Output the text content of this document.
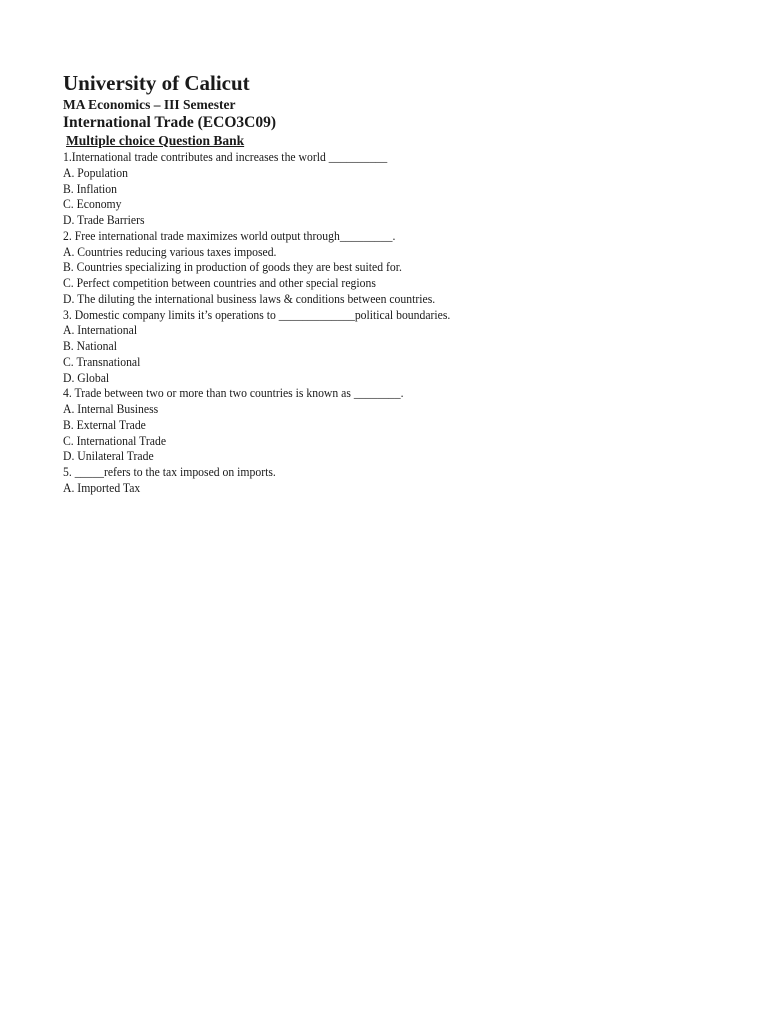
University of Calicut
MA Economics – III Semester
International Trade (ECO3C09)
Multiple choice Question Bank
1.International trade contributes and increases the world __________
A. Population
B. Inflation
C. Economy
D. Trade Barriers
2. Free international trade maximizes world output through_________.
A. Countries reducing various taxes imposed.
B. Countries specializing in production of goods they are best suited for.
C. Perfect competition between countries and other special regions
D. The diluting the international business laws & conditions between countries.
3. Domestic company limits it’s operations to _____________political boundaries.
A. International
B. National
C. Transnational
D. Global
4. Trade between two or more than two countries is known as ________.
A. Internal Business
B. External Trade
C. International Trade
D. Unilateral Trade
5. _____refers to the tax imposed on imports.
A. Imported Tax
